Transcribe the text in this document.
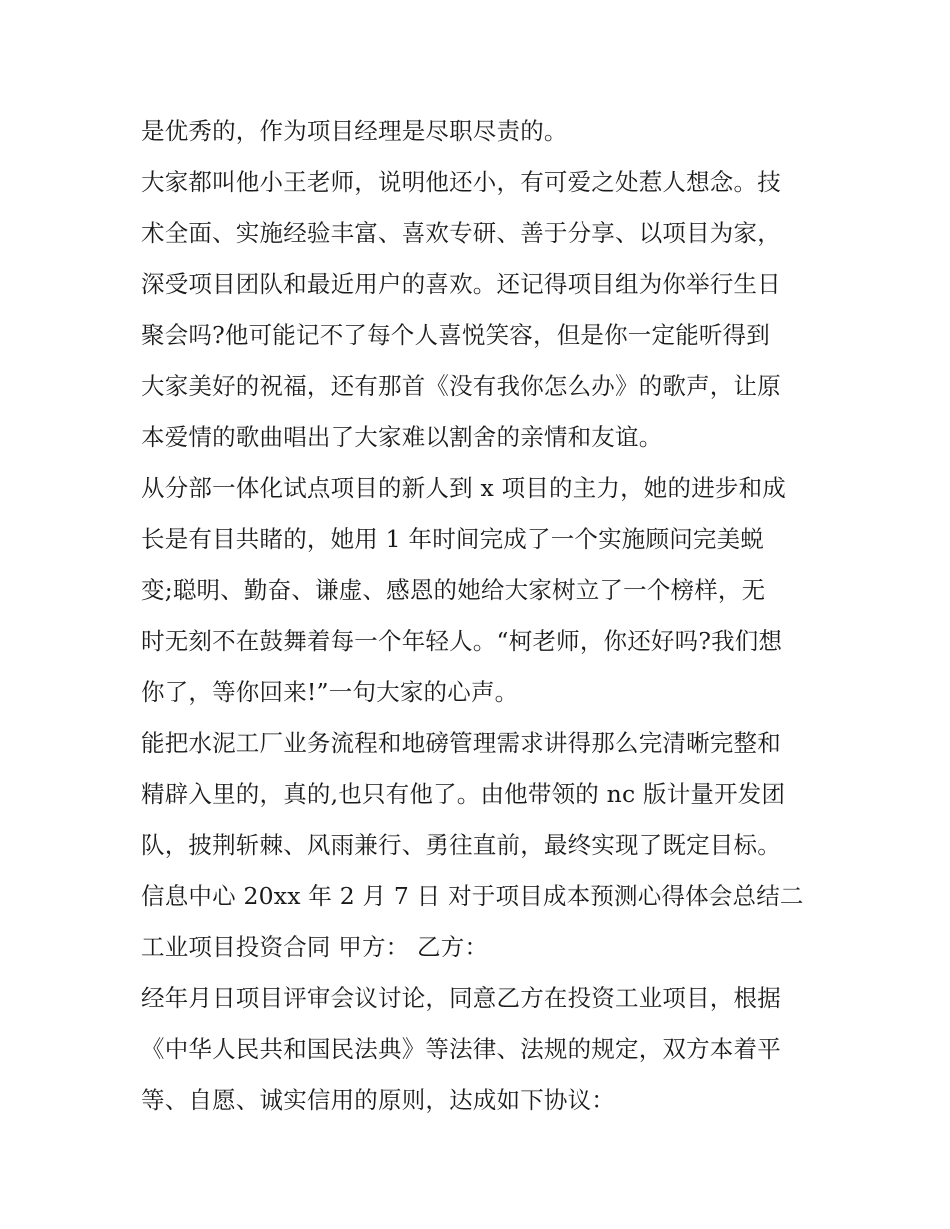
是优秀的，作为项目经理是尽职尽责的。
大家都叫他小王老师，说明他还小，有可爱之处惹人想念。技
术全面、实施经验丰富、喜欢专研、善于分享、以项目为家，
深受项目团队和最近用户的喜欢。还记得项目组为你举行生日
聚会吗?他可能记不了每个人喜悦笑容，但是你一定能听得到
大家美好的祝福，还有那首《没有我你怎么办》的歌声，让原
本爱情的歌曲唱出了大家难以割舍的亲情和友谊。
从分部一体化试点项目的新人到 x 项目的主力，她的进步和成
长是有目共睹的，她用 1 年时间完成了一个实施顾问完美蜕
变;聪明、勤奋、谦虚、感恩的她给大家树立了一个榜样，无
时无刻不在鼓舞着每一个年轻人。“柯老师，你还好吗?我们想
你了，等你回来!”一句大家的心声。
能把水泥工厂业务流程和地磅管理需求讲得那么完清晰完整和
精辟入里的，真的,也只有他了。由他带领的 nc 版计量开发团
队，披荆斩棘、风雨兼行、勇往直前，最终实现了既定目标。
信息中心 20xx 年 2 月 7 日 对于项目成本预测心得体会总结二
工业项目投资合同 甲方： 乙方：
经年月日项目评审会议讨论，同意乙方在投资工业项目，根据
《中华人民共和国民法典》等法律、法规的规定，双方本着平
等、自愿、诚实信用的原则，达成如下协议：
